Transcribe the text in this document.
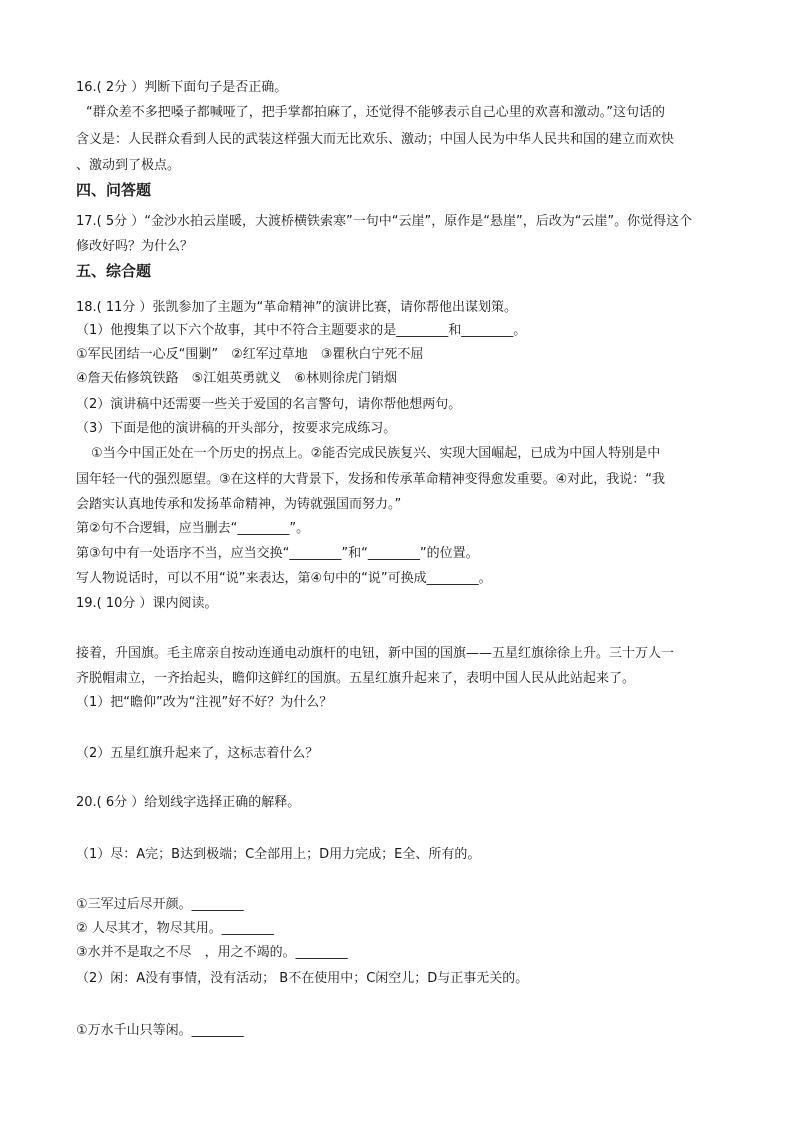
16.( 2分 ）判断下面句子是否正确。
“群众差不多把嗓子都喊哑了，把手掌都拍麻了，还觉得不能够表示自己心里的欢喜和激动。”这句话的
含义是：人民群众看到人民的武装这样强大而无比欢乐、激动；中国人民为中华人民共和国的建立而欢快
、激动到了极点。
四、问答题
17.( 5分 ）“金沙水拍云崖暖，大渡桥横铁索寒”一句中“云崖”，原作是“悬崖”，后改为“云崖”。你觉得这个
修改好吗？为什么？
五、综合题
18.( 11分 ）张凯参加了主题为“革命精神”的演讲比赛，请你帮他出谋划策。
（1）他搜集了以下六个故事，其中不符合主题要求的是________和________。
①军民团结一心反“围剿”　②红军过草地　③瞿秋白宁死不屈
④詹天佑修筑铁路　⑤江姐英勇就义　⑥林则徐虎门销烟
（2）演讲稿中还需要一些关于爱国的名言警句，请你帮他想两句。
（3）下面是他的演讲稿的开头部分，按要求完成练习。
①当今中国正处在一个历史的拐点上。②能否完成民族复兴、实现大国崛起，已成为中国人特别是中
国年轻一代的强烈愿望。③在这样的大背景下，发扬和传承革命精神变得愈发重要。④对此，我说：“我
会踏实认真地传承和发扬革命精神，为铸就强国而努力。”
第②句不合逻辑，应当删去“________”。
第③句中有一处语序不当，应当交换“________”和“________”的位置。
写人物说话时，可以不用“说”来表达，第④句中的“说”可换成________。
19.( 10分 ）课内阅读。
接着，升国旗。毛主席亲自按动连通电动旗杆的电钮，新中国的国旗——五星红旗徐徐上升。三十万人一
齐脱帽肃立，一齐抬起头，瞻仰这鲜红的国旗。五星红旗升起来了，表明中国人民从此站起来了。
（1）把“瞻仰”改为“注视”好不好？为什么？
（2）五星红旗升起来了，这标志着什么？
20.( 6分 ）给划线字选择正确的解释。
（1）尽：A完；B达到极端；C全部用上；D用力完成；E全、所有的。
①三军过后尽开颜。________
② 人尽其才，物尽其用。________
③水并不是取之不尽　，用之不竭的。________
（2）闲：A没有事情，没有活动； B不在使用中；C闲空儿；D与正事无关的。
①万水千山只等闲。________
